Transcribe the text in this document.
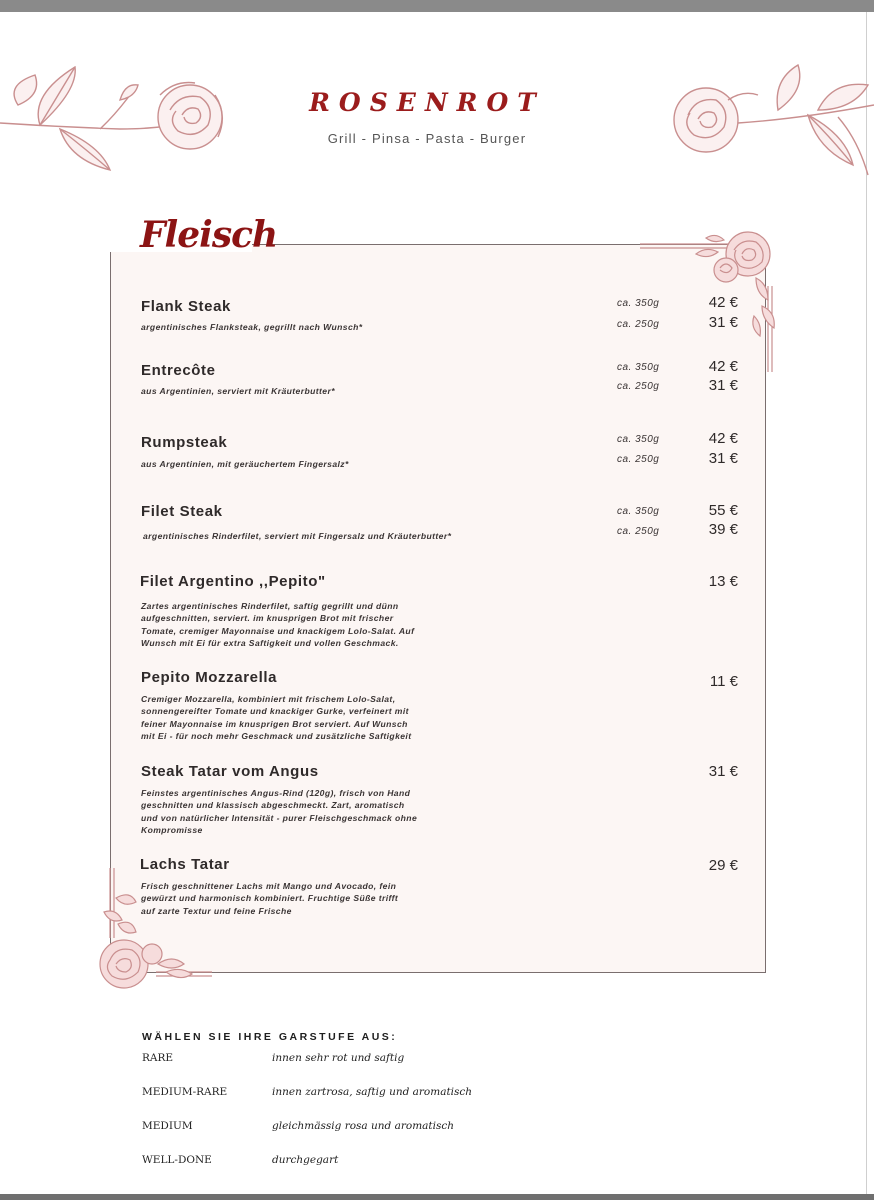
ROSENROT
Grill - Pinsa - Pasta - Burger
Fleisch
Flank Steak
argentinisches Flanksteak, gegrillt nach Wunsch*
ca. 350g	42 €
ca. 250g	31 €
Entrecôte
aus Argentinien, serviert mit Kräuterbutter*
ca. 350g	42 €
ca. 250g	31 €
Rumpsteak
aus Argentinien, mit geräuchertem Fingersalz*
ca. 350g	42 €
ca. 250g	31 €
Filet Steak
argentinisches Rinderfilet, serviert mit Fingersalz und Kräuterbutter*
ca. 350g	55 €
ca. 250g	39 €
Filet Argentino ,,Pepito"	13 €
Zartes argentinisches Rinderfilet, saftig gegrillt und dünn
aufgeschnitten, serviert. im knusprigen Brot mit frischer
Tomate, cremiger Mayonnaise und knackigem Lolo-Salat. Auf
Wunsch mit Ei für extra Saftigkeit und vollen Geschmack.
Pepito Mozzarella	11 €
Cremiger Mozzarella, kombiniert mit frischem Lolo-Salat,
sonnengereifter Tomate und knackiger Gurke, verfeinert mit
feiner Mayonnaise im knusprigen Brot serviert. Auf Wunsch
mit Ei - für noch mehr Geschmack und zusätzliche Saftigkeit
Steak Tatar vom Angus	31 €
Feinstes argentinisches Angus-Rind (120g), frisch von Hand
geschnitten und klassisch abgeschmeckt. Zart, aromatisch
und von natürlicher Intensität - purer Fleischgeschmack ohne
Kompromisse
Lachs Tatar	29 €
Frisch geschnittener Lachs mit Mango und Avocado, fein
gewürzt und harmonisch kombiniert. Fruchtige Süße trifft
auf zarte Textur und feine Frische
WÄHLEN SIE IHRE GARSTUFE AUS:
RARE	innen sehr rot und saftig
MEDIUM-RARE	innen zartrosa, saftig und aromatisch
MEDIUM	gleichmässig rosa und aromatisch
WELL-DONE	durchgegart
